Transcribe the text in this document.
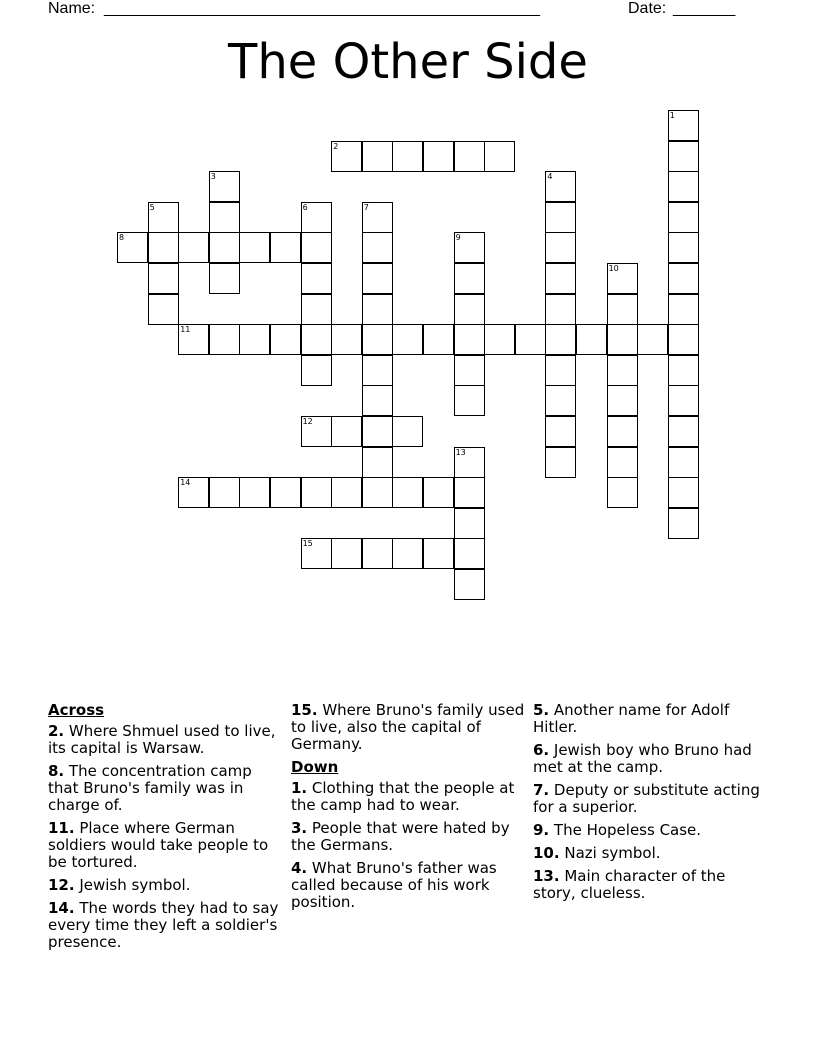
Name: _________________________________________________	Date: _______
The Other Side
1
2
3	4
5	6	7
8	9
10
11
12
13
14
15
Across
2. Where Shmuel used to live, its capital is Warsaw.
8. The concentration camp that Bruno's family was in charge of.
11. Place where German soldiers would take people to be tortured.
12. Jewish symbol.
14. The words they had to say every time they left a soldier's presence.
15. Where Bruno's family used to live, also the capital of Germany.
Down
1. Clothing that the people at the camp had to wear.
3. People that were hated by the Germans.
4. What Bruno's father was called because of his work position.
5. Another name for Adolf Hitler.
6. Jewish boy who Bruno had met at the camp.
7. Deputy or substitute acting for a superior.
9. The Hopeless Case.
10. Nazi symbol.
13. Main character of the story, clueless.
